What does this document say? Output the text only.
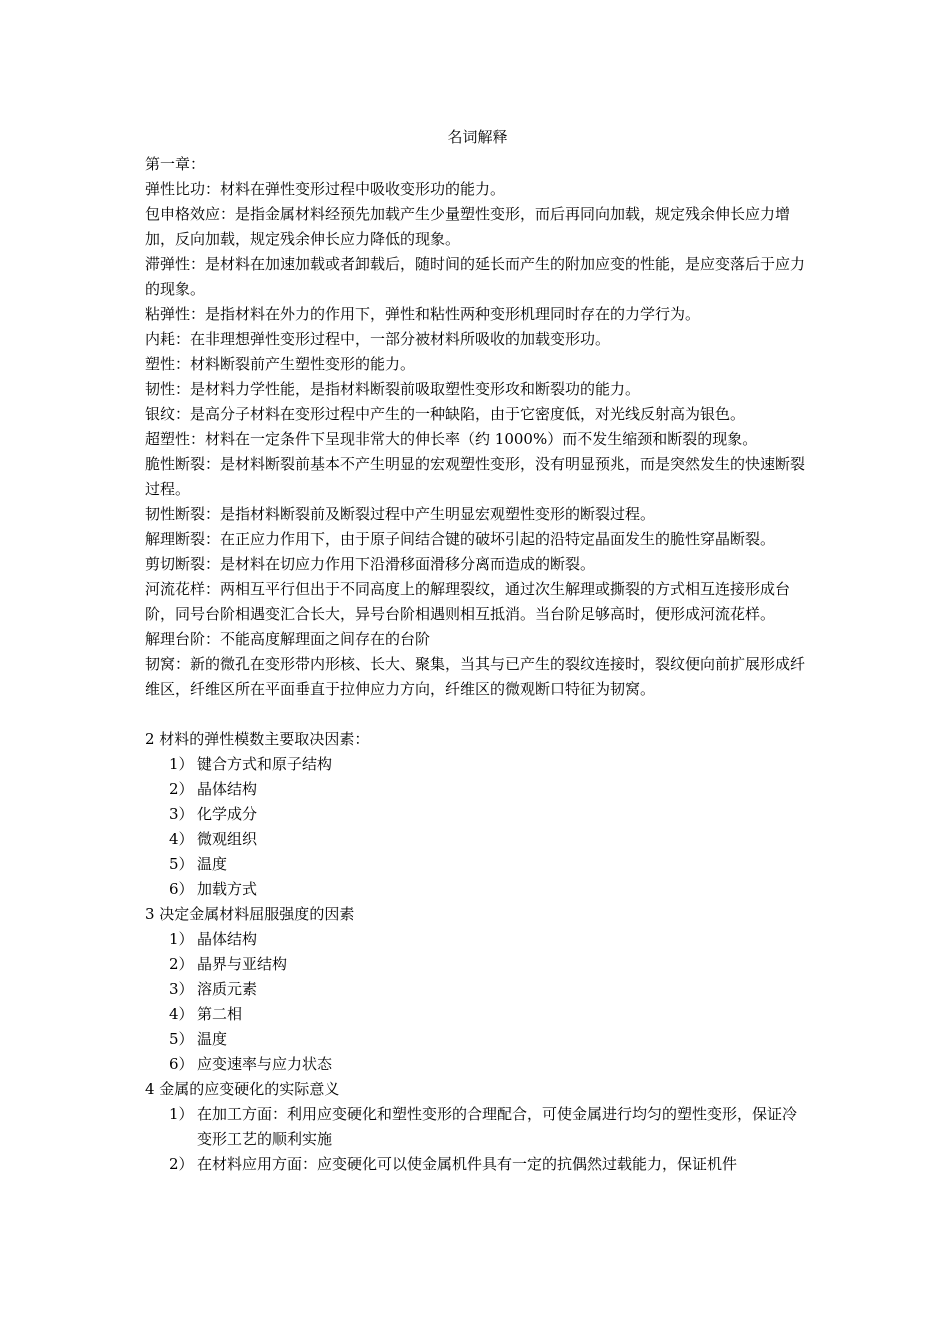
名词解释
第一章：
弹性比功：材料在弹性变形过程中吸收变形功的能力。
包申格效应：是指金属材料经预先加载产生少量塑性变形，而后再同向加载，规定残余伸长应力增加，反向加载，规定残余伸长应力降低的现象。
滞弹性：是材料在加速加载或者卸载后，随时间的延长而产生的附加应变的性能，是应变落后于应力的现象。
粘弹性：是指材料在外力的作用下，弹性和粘性两种变形机理同时存在的力学行为。
内耗：在非理想弹性变形过程中，一部分被材料所吸收的加载变形功。
塑性：材料断裂前产生塑性变形的能力。
韧性：是材料力学性能，是指材料断裂前吸取塑性变形攻和断裂功的能力。
银纹：是高分子材料在变形过程中产生的一种缺陷，由于它密度低，对光线反射高为银色。
超塑性：材料在一定条件下呈现非常大的伸长率（约 1000%）而不发生缩颈和断裂的现象。
脆性断裂：是材料断裂前基本不产生明显的宏观塑性变形，没有明显预兆，而是突然发生的快速断裂过程。
韧性断裂：是指材料断裂前及断裂过程中产生明显宏观塑性变形的断裂过程。
解理断裂：在正应力作用下，由于原子间结合键的破坏引起的沿特定晶面发生的脆性穿晶断裂。
剪切断裂：是材料在切应力作用下沿滑移面滑移分离而造成的断裂。
河流花样：两相互平行但出于不同高度上的解理裂纹，通过次生解理或撕裂的方式相互连接形成台阶，同号台阶相遇变汇合长大，异号台阶相遇则相互抵消。当台阶足够高时，便形成河流花样。
解理台阶：不能高度解理面之间存在的台阶
韧窝：新的微孔在变形带内形核、长大、聚集，当其与已产生的裂纹连接时，裂纹便向前扩展形成纤维区，纤维区所在平面垂直于拉伸应力方向，纤维区的微观断口特征为韧窝。
2 材料的弹性模数主要取决因素：
1） 键合方式和原子结构
2） 晶体结构
3） 化学成分
4） 微观组织
5） 温度
6） 加载方式
3 决定金属材料屈服强度的因素
1） 晶体结构
2） 晶界与亚结构
3） 溶质元素
4） 第二相
5） 温度
6） 应变速率与应力状态
4 金属的应变硬化的实际意义
1） 在加工方面：利用应变硬化和塑性变形的合理配合，可使金属进行均匀的塑性变形，保证冷变形工艺的顺利实施
2） 在材料应用方面：应变硬化可以使金属机件具有一定的抗偶然过载能力，保证机件
